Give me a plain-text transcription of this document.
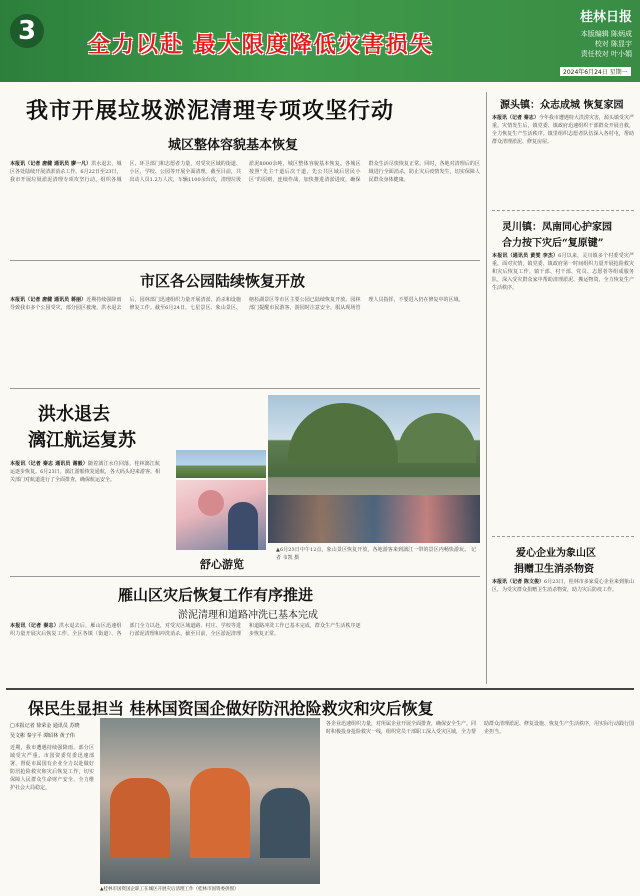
3	全力以赴 最大限度降低灾害损失
桂林日报
本版编辑 陈炳成
校对 陈显宇
责任校对 叶小娟
2024年6月24日 星期一
我市开展垃圾淤泥清理专项攻坚行动
城区整体容貌基本恢复
本报讯（记者 唐健 通讯员 廖一凡）洪水退去，城区各处陆续开展清淤消杀工作。6月22日至23日，我市开展垃圾淤泥清理专项攻坚行动，组织各城区、环卫部门和志愿者力量，对受灾区域的街道、小区、学校、公园等开展全面清理。截至目前，共出动人员1.2万人次，车辆1100余台次，清理垃圾淤泥8000余吨，城区整体容貌基本恢复。各城区按照“先主干道后次干道、先公共区域后居民小区”的原则，连续作战，加快推进清淤进度，确保群众生活尽快恢复正常。同时，各地对清理后的区域进行全面消杀，防止灾后疫情发生，切实保障人民群众身体健康。
市区各公园陆续恢复开放
本报讯（记者 唐健 通讯员 蒋丽）近期持续强降雨导致我市多个公园受灾，部分园区被淹。洪水退去后，园林部门迅速组织力量开展清淤、消杀和设施修复工作。截至6月24日，七星景区、象山景区、榕杉湖景区等市区主要公园已陆续恢复开放。园林部门提醒市民游客，游园时注意安全，服从现场管理人员指挥，不要进入仍在修复中的区域。
洪水退去
漓江航运复苏
本报讯（记者 秦志 通讯员 谢毅）随着漓江水位回落，桂林漓江航运逐步恢复。6月23日，漓江游船恢复通航，各大码头迎来游客。相关部门对航道进行了全面排查，确保航运安全。
舒心游览
▲6月23日中午12点，象山景区恢复开放，各地游客来到漓江一带的景区内畅快游玩。 记者 韦凯 摄
雁山区灾后恢复工作有序推进
淤泥清理和道路冲洗已基本完成
本报讯（记者 秦志）洪水退去后，雁山区迅速组织力量开展灾后恢复工作。全区各镇（街道）、各部门全力以赴，对受灾区域道路、村庄、学校等进行淤泥清理和冲洗消杀。截至目前，全区淤泥清理和道路冲洗工作已基本完成，群众生产生活秩序逐步恢复正常。
源头镇：众志成城 恢复家园
本报讯（记者 秦志）今年我市遭遇特大洪涝灾害，源头镇受灾严重。灾情发生后，镇党委、镇政府迅速组织干部群众开展自救，全力恢复生产生活秩序。镇里组织志愿者队伍深入各村屯，帮助群众清理淤泥、修复房屋。
灵川镇：凤南同心护家园
合力按下灾后“复原键”
本报讯（通讯员 黄雯 李杰）6月以来，灵川镇多个村委受灾严重，面对灾情，镇党委、镇政府第一时间组织力量开展抢险救灾和灾后恢复工作。镇干部、村干部、党员、志愿者等组成服务队，深入受灾群众家中帮助清理淤泥、搬运物资，全力恢复生产生活秩序。
爱心企业为象山区
捐赠卫生消杀物资
本报讯（记者 陈文俊）6月23日，桂林市多家爱心企业来到象山区，为受灾群众捐赠卫生消杀物资，助力灾后防疫工作。
保民生显担当 桂林国资国企做好防汛抢险救灾和灾后恢复
□本报记者 徐荣金 通讯员 苏晓
吴文彬 秦宇平 谭昭林 黄子伟
近期，我市遭遇持续强降雨，部分区域受灾严重。市国资委党委迅速部署，督促市属国有企业全力以赴做好防汛抢险救灾和灾后恢复工作，切实保障人民群众生命财产安全，全力维护社会大局稳定。
▲桂林市国资国企职工在城区开展灾后清理工作（桂林市国资委供图）
各企业迅速组织力量，对所属企业开展全面排查，确保安全生产。同时积极投身抢险救灾一线，组织党员干部职工深入受灾区域，全力帮助群众清理淤泥、修复设施、恢复生产生活秩序，用实际行动践行国企担当。
